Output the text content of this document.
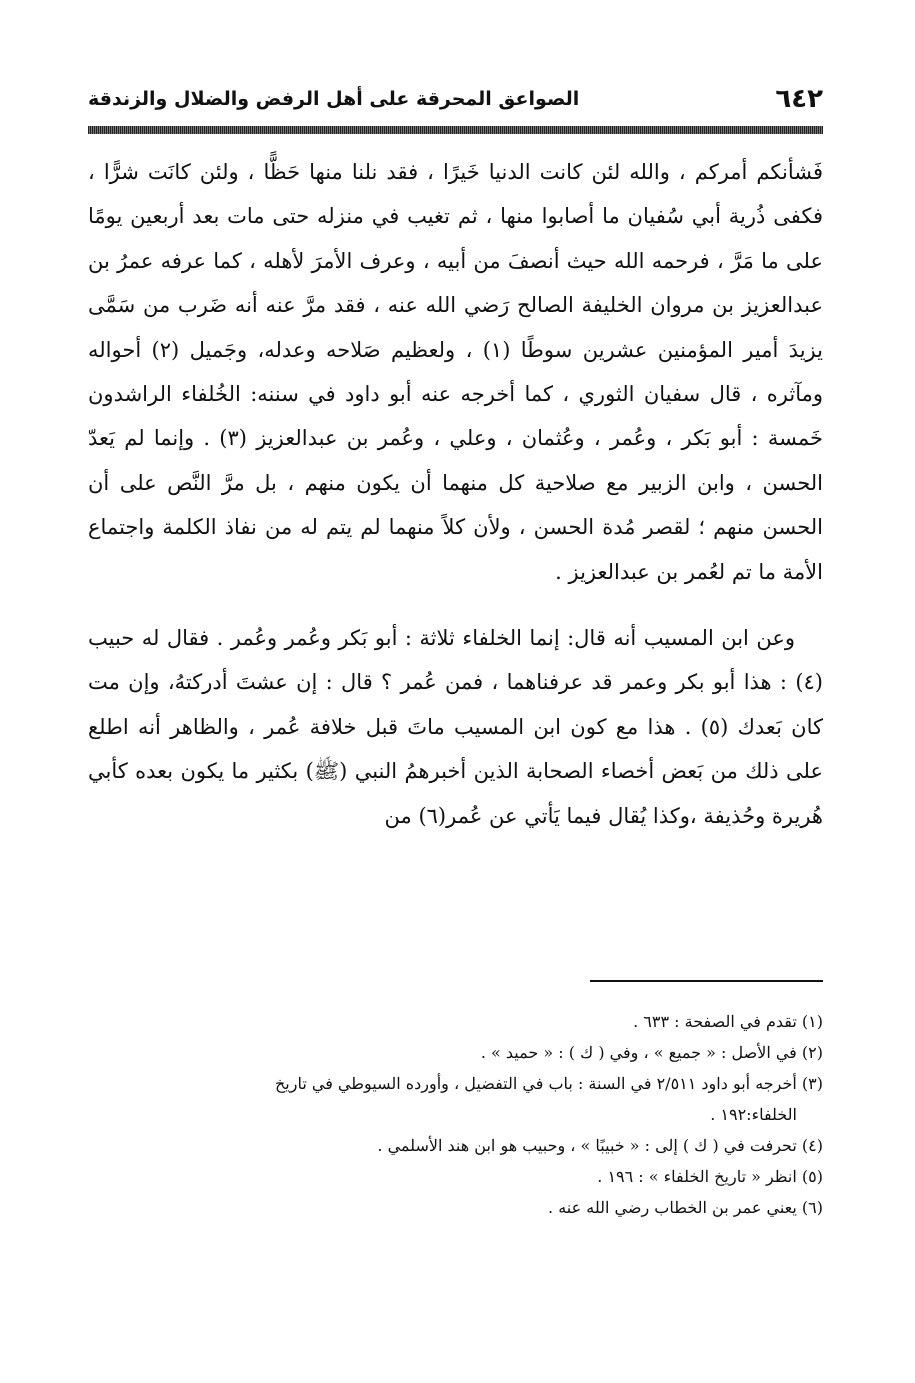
٦٤٢
الصواعق المحرقة على أهل الرفض والضلال والزندقة

فَشأنكم أمركم ، والله لئن كانت الدنيا خَيرًا ، فقد نلنا منها حَظًّا ، ولئن كانَت شرًّا ، فكفى ذُرية أبي سُفيان ما أصابوا منها ، ثم تغيب في منزله حتى مات بعد أربعين يومًا على ما مَرَّ ، فرحمه الله حيث أنصفَ من أبيه ، وعرف الأمرَ لأهله ، كما عرفه عمرُ بن عبدالعزيز بن مروان الخليفة الصالح رَضي الله عنه ، فقد مرَّ عنه أنه ضَرب من سَمَّى يزيدَ أمير المؤمنين عشرين سوطًا (١) ، ولعظيم صَلاحه وعدله، وجَميل (٢) أحواله ومآثره ، قال سفيان الثوري ، كما أخرجه عنه أبو داود في سننه: الخُلفاء الراشدون خَمسة : أبو بَكر ، وعُمر ، وعُثمان ، وعلي ، وعُمر بن عبدالعزيز (٣) . وإنما لم يَعدّ الحسن ، وابن الزبير مع صلاحية كل منهما أن يكون منهم ، بل مرَّ النَّص على أن الحسن منهم ؛ لقصر مُدة الحسن ، ولأن كلاً منهما لم يتم له من نفاذ الكلمة واجتماع الأمة ما تم لعُمر بن عبدالعزيز .

وعن ابن المسيب أنه قال: إنما الخلفاء ثلاثة : أبو بَكر وعُمر وعُمر . فقال له حبيب (٤) : هذا أبو بكر وعمر قد عرفناهما ، فمن عُمر ؟ قال : إن عشتَ أدركتهُ، وإن مت كان بَعدك (٥) . هذا مع كون ابن المسيب ماتَ قبل خلافة عُمر ، والظاهر أنه اطلع على ذلك من بَعض أخصاء الصحابة الذين أخبرهمُ النبي (ﷺ) بكثير ما يكون بعده كأبي هُريرة وحُذيفة ،وكذا يُقال فيما يَأتي عن عُمر(٦) من

(١) تقدم في الصفحة : ٦٣٣ .

(٢) في الأصل : « جميع » ، وفي ( ك ) : « حميد » .

(٣) أخرجه أبو داود ٢/٥١١ في السنة : باب في التفضيل ، وأورده السيوطي في تاريخ

الخلفاء:١٩٢ .

(٤) تحرفت في ( ك ) إلى : « خبيبًا » ، وحبيب هو ابن هند الأسلمي .

(٥) انظر « تاريخ الخلفاء » : ١٩٦ .

(٦) يعني عمر بن الخطاب رضي الله عنه .
